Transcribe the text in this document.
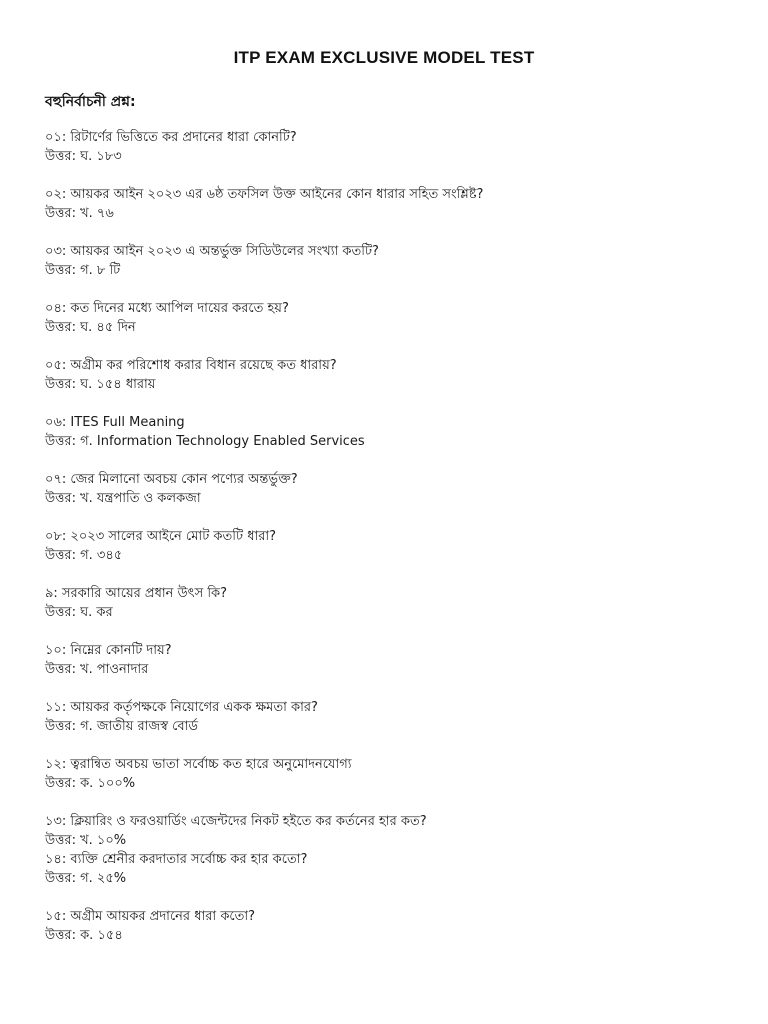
ITP EXAM EXCLUSIVE MODEL TEST
বহুনির্বাচনী প্রশ্ন:
০১: রিটার্ণের ভিত্তিতে কর প্রদানের ধারা কোনটি?
উত্তর: ঘ. ১৮৩
০২: আয়কর আইন ২০২৩ এর ৬ষ্ঠ তফসিল উক্ত আইনের কোন ধারার সহিত সংশ্লিষ্ট?
উত্তর: খ. ৭৬
০৩: আয়কর আইন ২০২৩ এ অন্তর্ভুক্ত সিডিউলের সংখ্যা কতটি?
উত্তর: গ. ৮ টি
০৪: কত দিনের মধ্যে আপিল দায়ের করতে হয়?
উত্তর: ঘ. ৪৫ দিন
০৫: অগ্রীম কর পরিশোধ করার বিধান রয়েছে কত ধারায়?
উত্তর: ঘ. ১৫৪ ধারায়
০৬: ITES Full Meaning
উত্তর: গ. Information Technology Enabled Services
০৭: জের মিলানো অবচয় কোন পণ্যের অন্তর্ভুক্ত?
উত্তর: খ. যন্ত্রপাতি ও কলকজা
০৮: ২০২৩ সালের আইনে মোট কতটি ধারা?
উত্তর: গ. ৩৪৫
৯: সরকারি আয়ের প্রধান উৎস কি?
উত্তর: ঘ. কর
১০: নিম্নের কোনটি দায়?
উত্তর: খ. পাওনাদার
১১: আয়কর কর্তৃপক্ষকে নিয়োগের একক ক্ষমতা কার?
উত্তর: গ. জাতীয় রাজস্ব বোর্ড
১২: ত্বরান্বিত অবচয় ভাতা সর্বোচ্চ কত হারে অনুমোদনযোগ্য
উত্তর: ক. ১০০%
১৩: ক্লিয়ারিং ও ফরওয়ার্ডিং এজেন্টদের নিকট হইতে কর কর্তনের হার কত?
উত্তর: খ. ১০%
১৪: ব্যক্তি শ্রেনীর করদাতার সর্বোচ্চ কর হার কতো?
উত্তর: গ. ২৫%
১৫: অগ্রীম আয়কর প্রদানের ধারা কতো?
উত্তর: ক. ১৫৪
